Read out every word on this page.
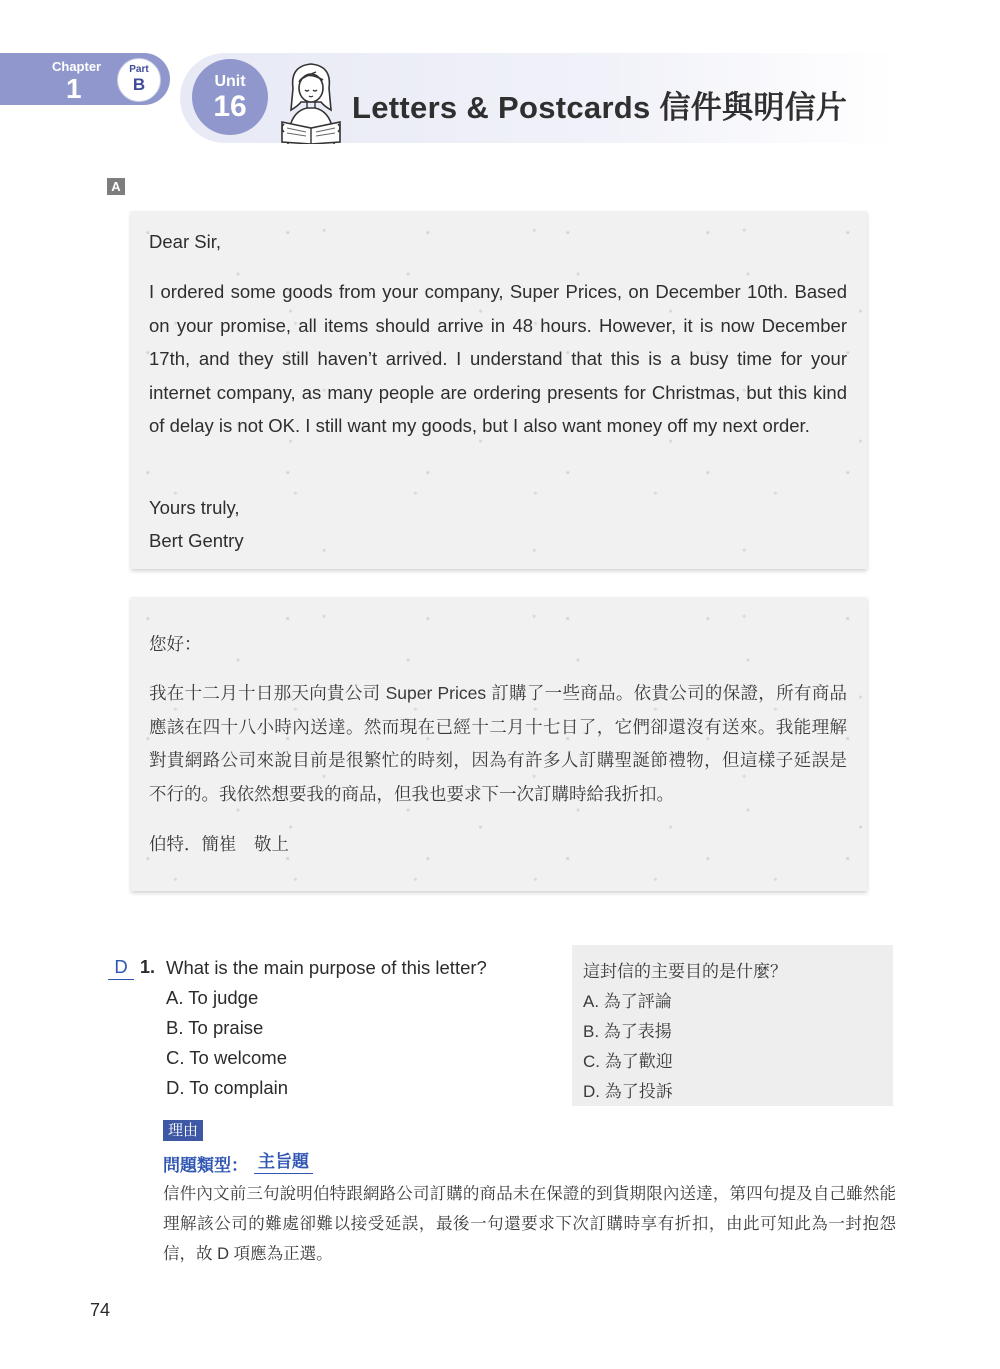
Chapter
1
Part
B	Unit
16	Letters & Postcards 信件與明信片
A

Dear Sir,

I ordered some goods from your company, Super Prices, on December 10th. Based on your promise, all items should arrive in 48 hours. However, it is now December 17th, and they still haven’t arrived. I understand that this is a busy time for your internet company, as many people are ordering presents for Christmas, but this kind of delay is not OK. I still want my goods, but I also want money off my next order.

Yours truly,

Bert Gentry

您好：

我在十二月十日那天向貴公司 Super Prices 訂購了一些商品。依貴公司的保證，所有商品應該在四十八小時內送達。然而現在已經十二月十七日了，它們卻還沒有送來。我能理解對貴網路公司來說目前是很繁忙的時刻，因為有許多人訂購聖誕節禮物，但這樣子延誤是不行的。我依然想要我的商品，但我也要求下一次訂購時給我折扣。

伯特．簡崔　敬上

D 1. What is the main purpose of this letter?
A. To judge
B. To praise
C. To welcome
D. To complain
這封信的主要目的是什麼？
A. 為了評論
B. 為了表揚
C. 為了歡迎
D. 為了投訴
理由
問題類型： 主旨題

信件內文前三句說明伯特跟網路公司訂購的商品未在保證的到貨期限內送達，第四句提及自己雖然能理解該公司的難處卻難以接受延誤，最後一句還要求下次訂購時享有折扣，由此可知此為一封抱怨信，故 D 項應為正選。

74
